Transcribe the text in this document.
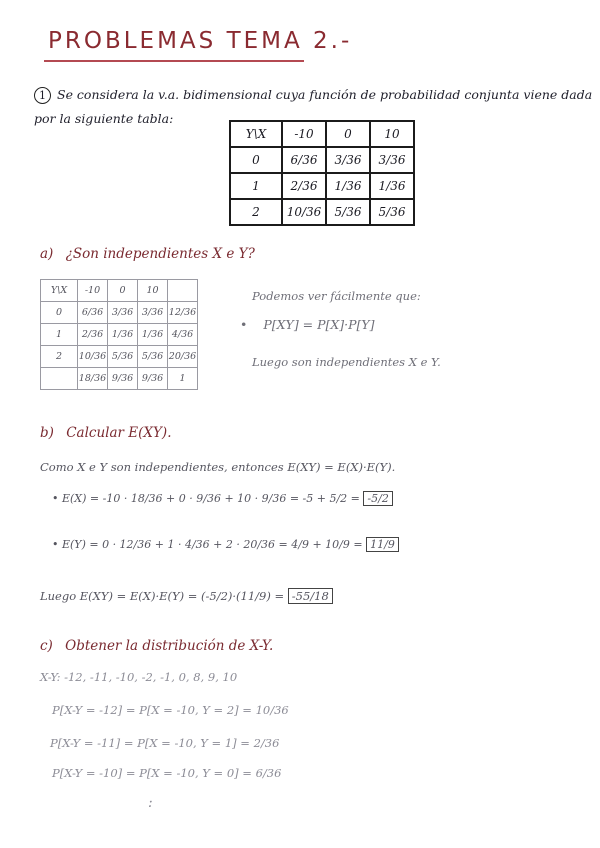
PROBLEMAS TEMA 2.-
1 Se considera la v.a. bidimensional cuya función de probabilidad conjunta viene dada
por la siguiente tabla:
Y\X	-10	0	10
0	6/36	3/36	3/36
1	2/36	1/36	1/36
2	10/36	5/36	5/36
a) ¿Son independientes X e Y?
Y\X	-10	0	10	
0	6/36	3/36	3/36	12/36
1	2/36	1/36	1/36	4/36
2	10/36	5/36	5/36	20/36
	18/36	9/36	9/36	1
Podemos ver fácilmente que:
• P[XY] = P[X]·P[Y]
Luego son independientes X e Y.
b) Calcular E(XY).
Como X e Y son independientes, entonces E(XY) = E(X)·E(Y).
• E(X) = -10 · 18/36 + 0 · 9/36 + 10 · 9/36 = -5 + 5/2 = -5/2
• E(Y) = 0 · 12/36 + 1 · 4/36 + 2 · 20/36 = 4/9 + 10/9 = 11/9
Luego E(XY) = E(X)·E(Y) = (-5/2)·(11/9) = -55/18
c) Obtener la distribución de X-Y.
X-Y: -12, -11, -10, -2, -1, 0, 8, 9, 10
P[X-Y = -12] = P[X = -10, Y = 2] = 10/36
P[X-Y = -11] = P[X = -10, Y = 1] = 2/36
P[X-Y = -10] = P[X = -10, Y = 0] = 6/36
:
